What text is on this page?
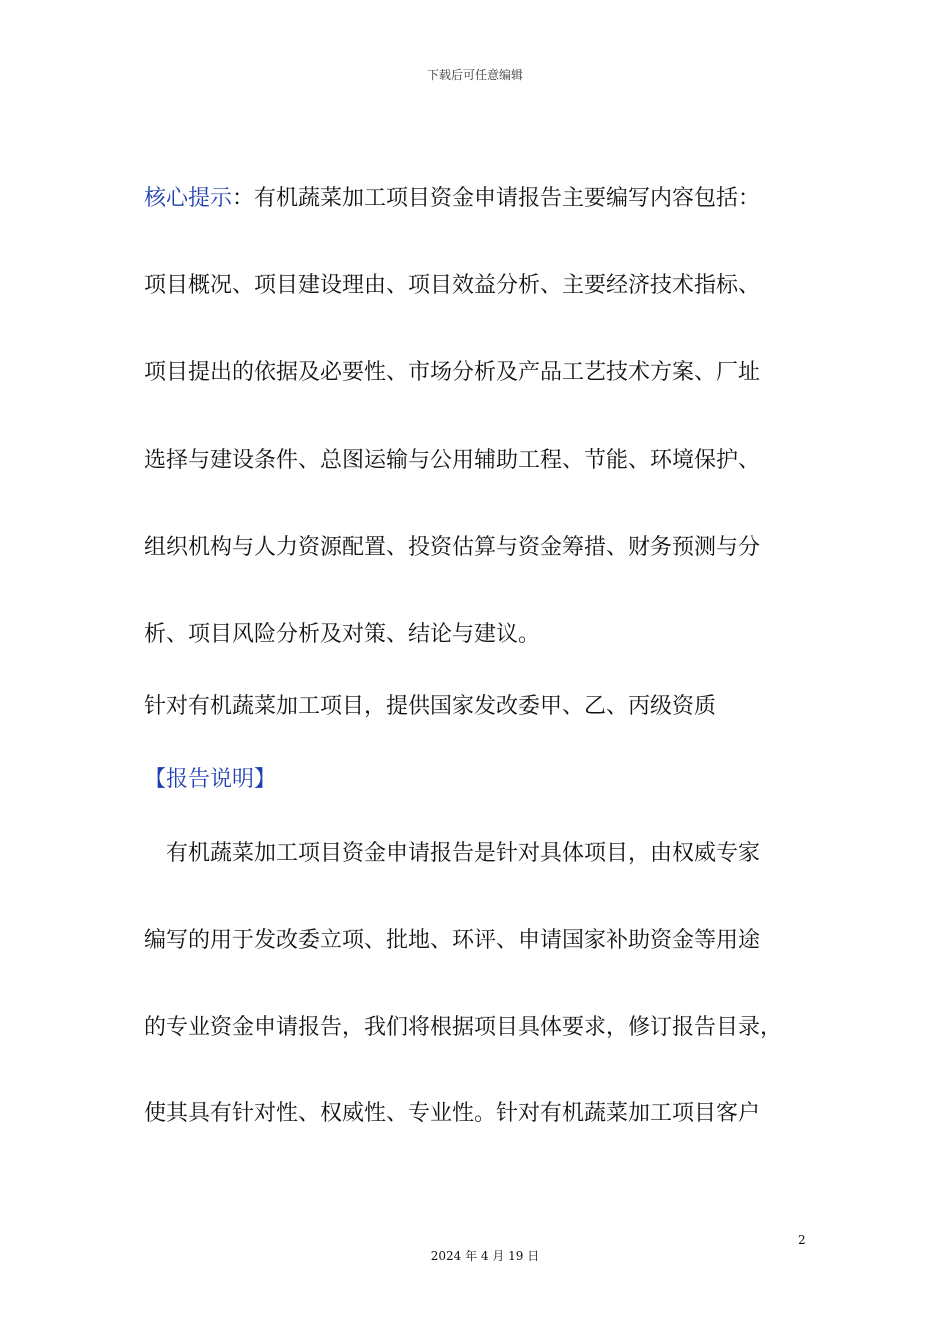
下载后可任意编辑
核心提示：有机蔬菜加工项目资金申请报告主要编写内容包括：
项目概况、项目建设理由、项目效益分析、主要经济技术指标、
项目提出的依据及必要性、市场分析及产品工艺技术方案、厂址
选择与建设条件、总图运输与公用辅助工程、节能、环境保护、
组织机构与人力资源配置、投资估算与资金筹措、财务预测与分
析、项目风险分析及对策、结论与建议。
针对有机蔬菜加工项目，提供国家发改委甲、乙、丙级资质
【报告说明】
有机蔬菜加工项目资金申请报告是针对具体项目，由权威专家
编写的用于发改委立项、批地、环评、申请国家补助资金等用途
的专业资金申请报告，我们将根据项目具体要求，修订报告目录，
使其具有针对性、权威性、专业性。针对有机蔬菜加工项目客户
2
2024 年 4 月 19 日
